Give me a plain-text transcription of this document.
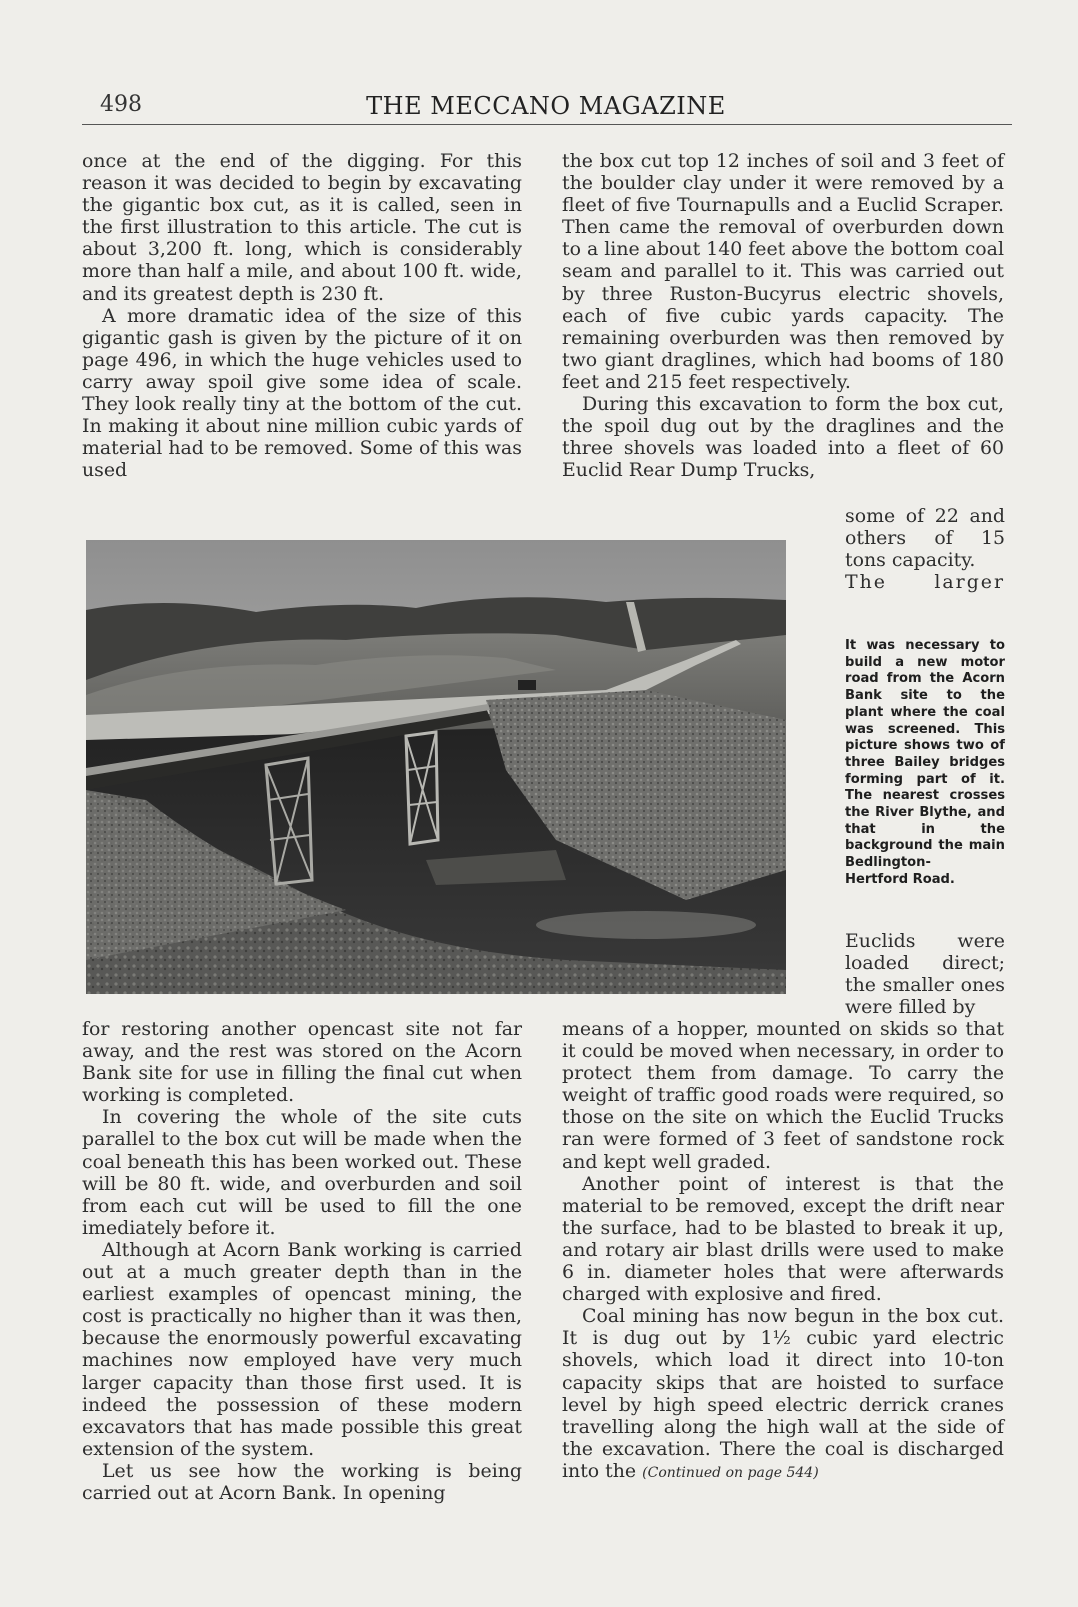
498	THE MECCANO MAGAZINE

once at the end of the digging. For this reason it was decided to begin by excavating the gigantic box cut, as it is called, seen in the first illustration to this article. The cut is about 3,200 ft. long, which is considerably more than half a mile, and about 100 ft. wide, and its greatest depth is 230 ft.

A more dramatic idea of the size of this gigantic gash is given by the picture of it on page 496, in which the huge vehicles used to carry away spoil give some idea of scale. They look really tiny at the bottom of the cut. In making it about nine million cubic yards of material had to be removed. Some of this was used

the box cut top 12 inches of soil and 3 feet of the boulder clay under it were removed by a fleet of five Tournapulls and a Euclid Scraper. Then came the removal of overburden down to a line about 140 feet above the bottom coal seam and parallel to it. This was carried out by three Ruston-Bucyrus electric shovels, each of five cubic yards capacity. The remaining overburden was then removed by two giant draglines, which had booms of 180 feet and 215 feet respectively.

During this excavation to form the box cut, the spoil dug out by the draglines and the three shovels was loaded into a fleet of 60 Euclid Rear Dump Trucks,

some of 22 and others of 15 tons capacity.

The larger

It was necessary to build a new motor road from the Acorn Bank site to the plant where the coal was screened. This picture shows two of three Bailey bridges forming part of it. The nearest crosses the River Blythe, and that in the background the main Bedlington-
Hertford Road.

Euclids were

loaded direct; the smaller ones were filled by

for restoring another opencast site not far away, and the rest was stored on the Acorn Bank site for use in filling the final cut when working is completed.

In covering the whole of the site cuts parallel to the box cut will be made when the coal beneath this has been worked out. These will be 80 ft. wide, and overburden and soil from each cut will be used to fill the one imediately before it.

Although at Acorn Bank working is carried out at a much greater depth than in the earliest examples of opencast mining, the cost is practically no higher than it was then, because the enormously powerful excavating machines now employed have very much larger capacity than those first used. It is indeed the possession of these modern excavators that has made possible this great extension of the system.

Let us see how the working is being carried out at Acorn Bank. In opening

means of a hopper, mounted on skids so that it could be moved when necessary, in order to protect them from damage. To carry the weight of traffic good roads were required, so those on the site on which the Euclid Trucks ran were formed of 3 feet of sandstone rock and kept well graded.

Another point of interest is that the material to be removed, except the drift near the surface, had to be blasted to break it up, and rotary air blast drills were used to make 6 in. diameter holes that were afterwards charged with explosive and fired.

Coal mining has now begun in the box cut. It is dug out by 1½ cubic yard electric shovels, which load it direct into 10-ton capacity skips that are hoisted to surface level by high speed electric derrick cranes travelling along the high wall at the side of the excavation. There the coal is discharged into the (Continued on page 544)
